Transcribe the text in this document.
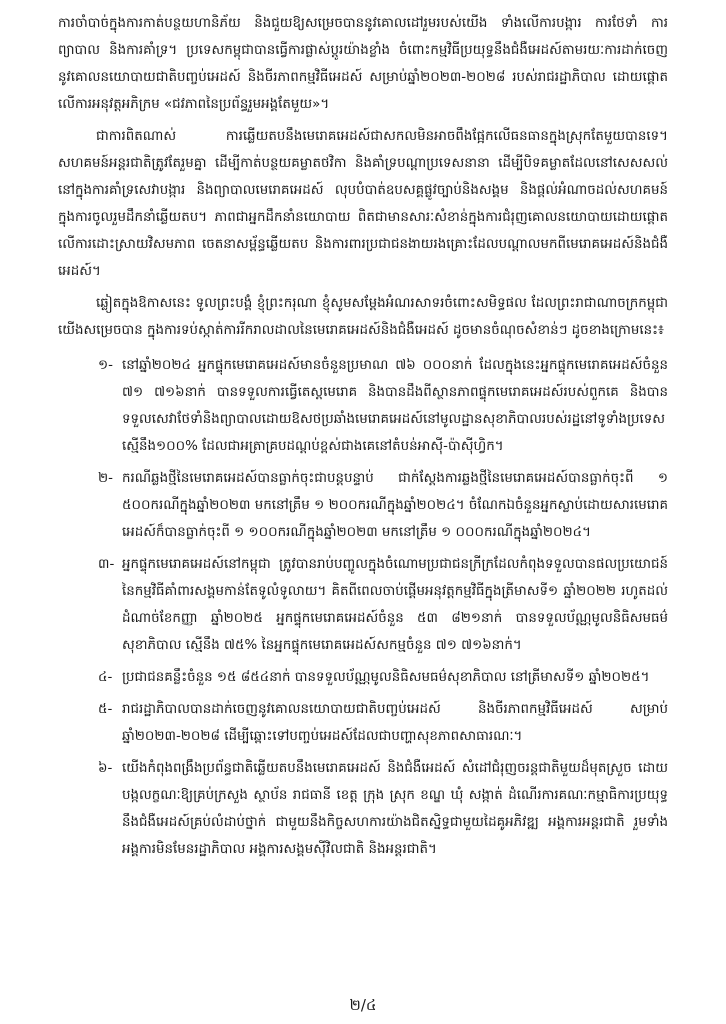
ការចាំបាច់ក្នុងការកាត់បន្ថយហានិភ័យ និងជួយឱ្យសម្រេចបាននូវគោលដៅរួមរបស់យើង ទាំងលើការបង្ការ ការថែទាំ ការព្យាបាល និងការគាំទ្រ។ ប្រទេសកម្ពុជាបានធ្វើការផ្លាស់ប្តូរយ៉ាងខ្លាំង ចំពោះកម្មវិធីប្រយុទ្ធនឹងជំងឺអេដស៍តាមរយៈការដាក់ចេញនូវគោលនយោបាយជាតិបញ្ចប់អេដស៍ និងចីរភាពកម្មវិធីអេដស៍ សម្រាប់ឆ្នាំ២០២៣-២០២៨ របស់រាជរដ្ឋាភិបាល ដោយផ្តោតលើការអនុវត្តអភិក្រម «ជវភាពនៃប្រព័ន្ធរួមអង្គតែមួយ»។

ជាការពិតណាស់ ការឆ្លើយតបនឹងមេរោគអេដស៍ជាសកលមិនអាចពឹងផ្អែកលើធនធានក្នុងស្រុកតែមួយបានទេ។ សហគមន៍អន្តរជាតិត្រូវតែរួមគ្នា ដើម្បីកាត់បន្ថយគម្លាតថវិកា និងគាំទ្របណ្តាប្រទេសនានា ដើម្បីបិទគម្លាតដែលនៅសេសសល់នៅក្នុងការគាំទ្រសេវាបង្ការ និងព្យាបាលមេរោគអេដស៍ លុបបំបាត់ឧបសគ្គផ្លូវច្បាប់និងសង្គម និងផ្តល់អំណាចដល់សហគមន៍ ក្នុងការចូលរួមដឹកនាំឆ្លើយតប។ ភាពជាអ្នកដឹកនាំនយោបាយ ពិតជាមានសារៈសំខាន់ក្នុងការជំរុញគោលនយោបាយដោយផ្តោតលើការដោះស្រាយវិសមភាព ចេតនាសម្ព័ន្ធឆ្លើយតប និងការពារប្រជាជនងាយរងគ្រោះដែលបណ្តាលមកពីមេរោគអេដស៍និងជំងឺអេដស៍។

ឆ្លៀតក្នុងឱកាសនេះ ទូលព្រះបង្គំ ខ្ញុំព្រះករុណា ខ្ញុំសូមសម្តែងអំណរសាទរចំពោះសមិទ្ធផល ដែលព្រះរាជាណាចក្រកម្ពុជាយើងសម្រេចបាន ក្នុងការទប់ស្កាត់ការរីករាលដាលនៃមេរោគអេដស៍និងជំងឺអេដស៍ ដូចមានចំណុចសំខាន់ៗ ដូចខាងក្រោមនេះ៖

១- នៅឆ្នាំ២០២៤ អ្នកផ្ទុកមេរោគអេដស៍មានចំនួនប្រមាណ ៧៦ ០០០នាក់ ដែលក្នុងនេះអ្នកផ្ទុកមេរោគអេដស៍ចំនួន ៧១ ៧១៦នាក់ បានទទួលការធ្វើតេស្តមេរោគ និងបានដឹងពីស្ថានភាពផ្ទុកមេរោគអេដស៍របស់ពួកគេ និងបានទទួលសេវាថែទាំនិងព្យាបាលដោយឱសថប្រឆាំងមេរោគអេដស៍នៅមូលដ្ឋានសុខាភិបាលរបស់រដ្ឋនៅទូទាំងប្រទេស ស្មើនឹង១០០% ដែលជាអត្រាគ្របដណ្តប់ខ្ពស់ជាងគេនៅតំបន់អាស៊ី-ប៉ាស៊ីហ្វិក។
២- ករណីឆ្លងថ្មីនៃមេរោគអេដស៍បានធ្លាក់ចុះជាបន្តបន្ទាប់ ជាក់ស្តែងការឆ្លងថ្មីនៃមេរោគអេដស៍បានធ្លាក់ចុះពី ១ ៥០០ករណីក្នុងឆ្នាំ២០២៣ មកនៅត្រឹម ១ ២០០ករណីក្នុងឆ្នាំ២០២៤។ ចំណែកឯចំនួនអ្នកស្លាប់ដោយសារមេរោគអេដស៍ក៏បានធ្លាក់ចុះពី ១ ១០០ករណីក្នុងឆ្នាំ២០២៣ មកនៅត្រឹម ១ ០០០ករណីក្នុងឆ្នាំ២០២៤។
៣- អ្នកផ្ទុកមេរោគអេដស៍នៅកម្ពុជា ត្រូវបានរាប់បញ្ចូលក្នុងចំណោមប្រជាជនក្រីក្រដែលកំពុងទទួលបានផលប្រយោជន៍នៃកម្មវិធីគាំពារសង្គមកាន់តែទូលំទូលាយ។ គិតពីពេលចាប់ផ្តើមអនុវត្តកម្មវិធីក្នុងត្រីមាសទី១ ឆ្នាំ២០២២ រហូតដល់ដំណាច់ខែកញ្ញា ឆ្នាំ២០២៥ អ្នកផ្ទុកមេរោគអេដស៍ចំនួន ៥៣ ៨២១នាក់ បានទទួលប័ណ្ណមូលនិធិសមធម៌សុខាភិបាល ស្មើនឹង ៧៥% នៃអ្នកផ្ទុកមេរោគអេដស៍សកម្មចំនួន ៧១ ៧១៦នាក់។
៤- ប្រជាជនគន្លឹះចំនួន ១៥ ៨៥៤នាក់ បានទទួលប័ណ្ណមូលនិធិសមធម៌សុខាភិបាល នៅត្រីមាសទី១ ឆ្នាំ២០២៥។
៥- រាជរដ្ឋាភិបាលបានដាក់ចេញនូវគោលនយោបាយជាតិបញ្ចប់អេដស៍ និងចីរភាពកម្មវិធីអេដស៍ សម្រាប់ឆ្នាំ២០២៣-២០២៨ ដើម្បីឆ្ពោះទៅបញ្ចប់អេដស៍ដែលជាបញ្ហាសុខភាពសាធារណៈ។
៦- យើងកំពុងពង្រឹងប្រព័ន្ធជាតិឆ្លើយតបនឹងមេរោគអេដស៍ និងជំងឺអេដស៍ សំដៅជំរុញចរន្តជាតិមួយដ៏មុតស្រួច ដោយបង្កលក្ខណៈឱ្យគ្រប់ក្រសួង ស្ថាប័ន រាជធានី ខេត្ត ក្រុង ស្រុក ខណ្ឌ ឃុំ សង្កាត់ ដំណើរការគណៈកម្មាធិការប្រយុទ្ធនឹងជំងឺអេដស៍គ្រប់លំដាប់ថ្នាក់ ជាមួយនឹងកិច្ចសហការយ៉ាងជិតស្និទ្ធជាមួយដៃគូអភិវឌ្ឍ អង្គការអន្តរជាតិ រួមទាំងអង្គការមិនមែនរដ្ឋាភិបាល អង្គការសង្គមស៊ីវិលជាតិ និងអន្តរជាតិ។
២/៤
